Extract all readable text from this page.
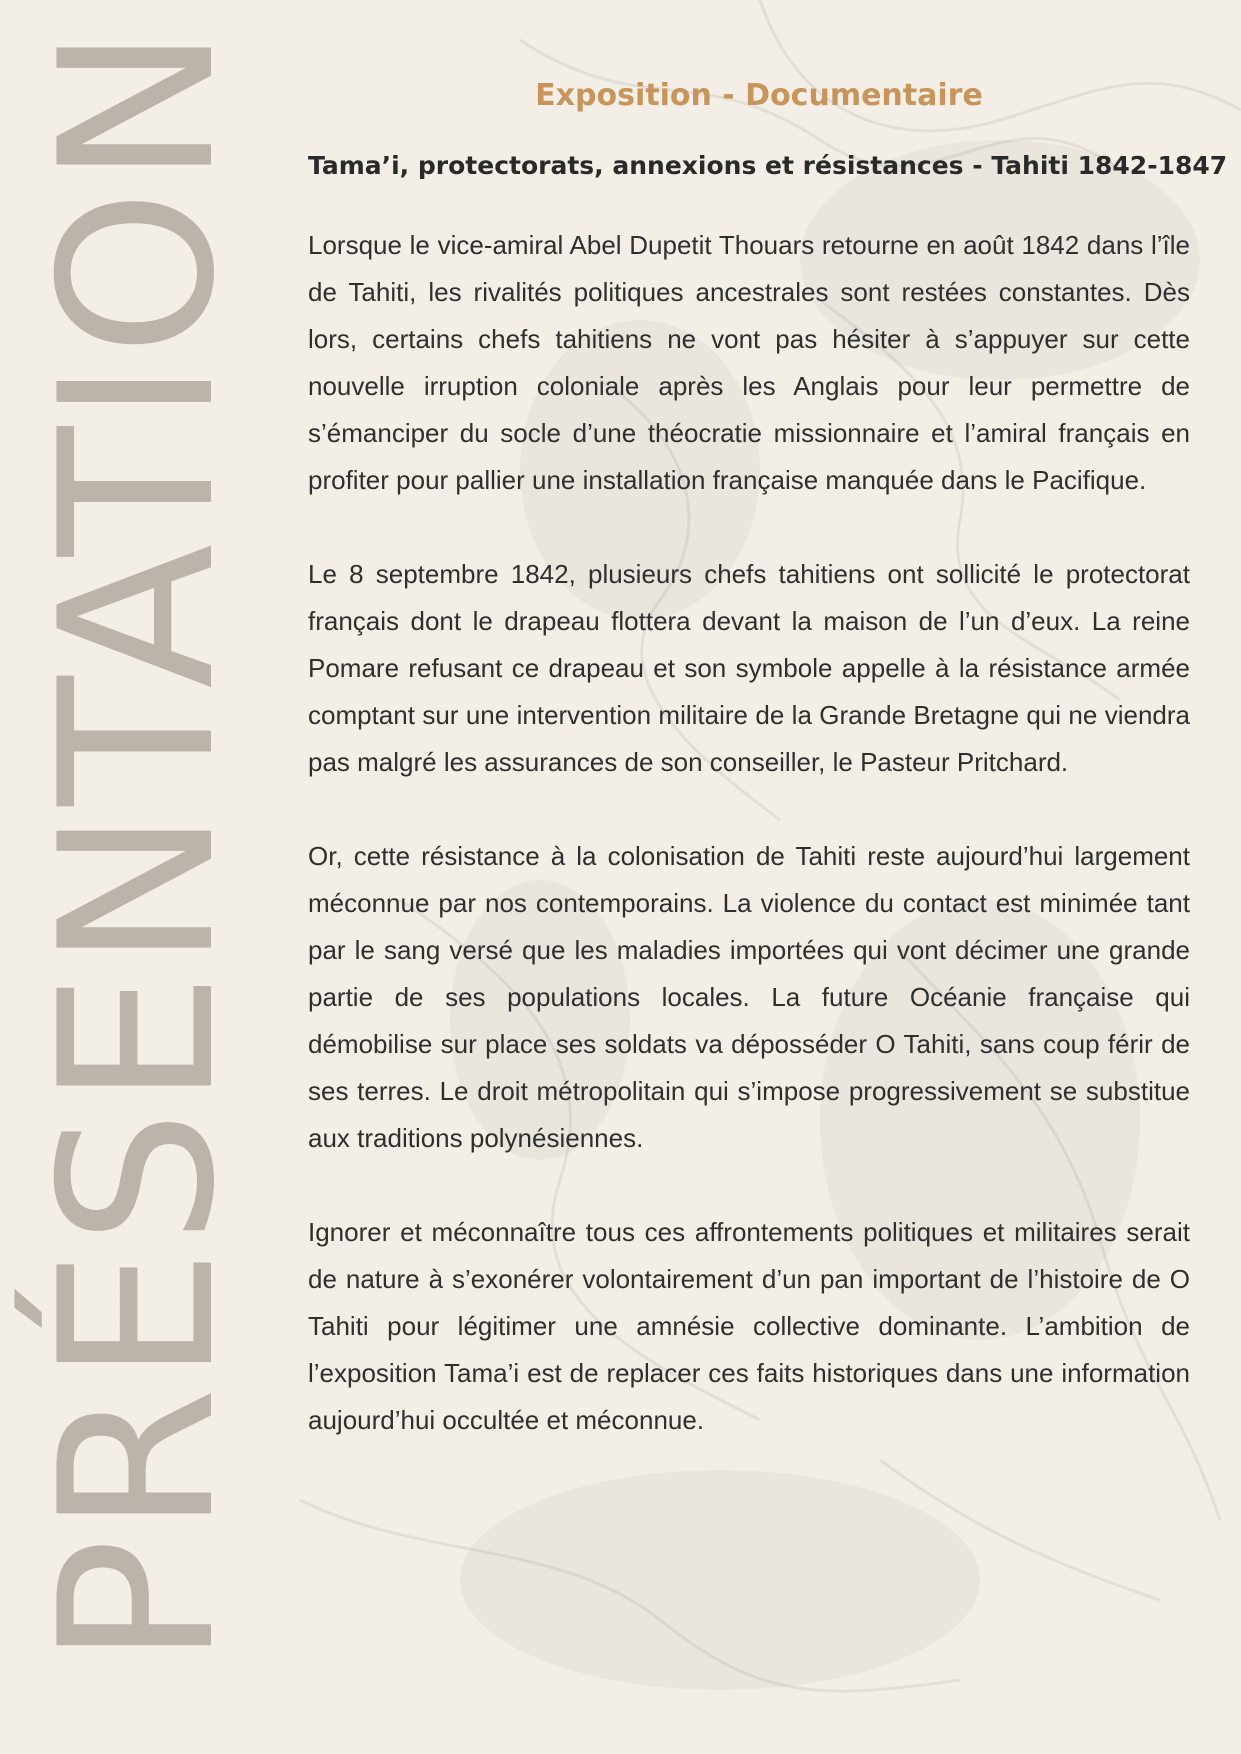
PRÉSENTATION	Exposition - Documentaire
Tama’i, protectorats, annexions et résistances - Tahiti 1842-1847

Lorsque le vice-amiral Abel Dupetit Thouars retourne en août 1842 dans l’île de Tahiti, les rivalités politiques ancestrales sont restées constantes. Dès lors, certains chefs tahitiens ne vont pas hésiter à s’appuyer sur cette nouvelle irruption coloniale après les Anglais pour leur permettre de s’émanciper du socle d’une théocratie missionnaire et l’amiral français en profiter pour pallier une installation française manquée dans le Pacifique.

Le 8 septembre 1842, plusieurs chefs tahitiens ont sollicité le protectorat français dont le drapeau flottera devant la maison de l’un d’eux. La reine Pomare refusant ce drapeau et son symbole appelle à la résistance armée comptant sur une intervention militaire de la Grande Bretagne qui ne viendra pas malgré les assurances de son conseiller, le Pasteur Pritchard.

Or, cette résistance à la colonisation de Tahiti reste aujourd’hui largement méconnue par nos contemporains. La violence du contact est minimée tant par le sang versé que les maladies importées qui vont décimer une grande partie de ses populations locales. La future Océanie française qui démobilise sur place ses soldats va déposséder O Tahiti, sans coup férir de ses terres. Le droit métropolitain qui s’impose progressivement se substitue aux traditions polynésiennes.

Ignorer et méconnaître tous ces affrontements politiques et militaires serait de nature à s’exonérer volontairement d’un pan important de l’histoire de O Tahiti pour légitimer une amnésie collective dominante. L’ambition de l’exposition Tama’i est de replacer ces faits historiques dans une information aujourd’hui occultée et méconnue.
